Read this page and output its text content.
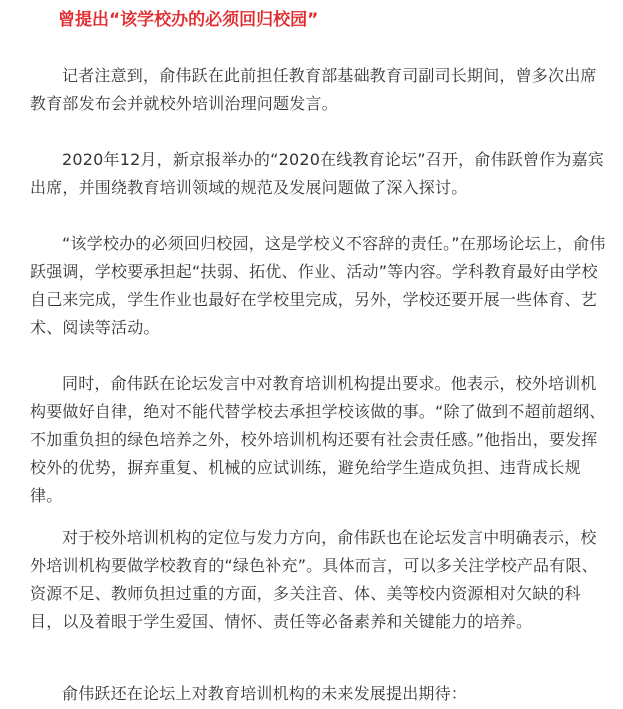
曾提出“该学校办的必须回归校园”

记者注意到，俞伟跃在此前担任教育部基础教育司副司长期间，曾多次出席教育部发布会并就校外培训治理问题发言。

2020年12月，新京报举办的“2020在线教育论坛”召开，俞伟跃曾作为嘉宾出席，并围绕教育培训领域的规范及发展问题做了深入探讨。

“该学校办的必须回归校园，这是学校义不容辞的责任。”在那场论坛上，俞伟跃强调，学校要承担起“扶弱、拓优、作业、活动”等内容。学科教育最好由学校自己来完成，学生作业也最好在学校里完成，另外，学校还要开展一些体育、艺术、阅读等活动。

同时，俞伟跃在论坛发言中对教育培训机构提出要求。他表示，校外培训机构要做好自律，绝对不能代替学校去承担学校该做的事。“除了做到不超前超纲、不加重负担的绿色培养之外，校外培训机构还要有社会责任感。”他指出，要发挥校外的优势，摒弃重复、机械的应试训练，避免给学生造成负担、违背成长规律。

对于校外培训机构的定位与发力方向，俞伟跃也在论坛发言中明确表示，校外培训机构要做学校教育的“绿色补充”。具体而言，可以多关注学校产品有限、资源不足、教师负担过重的方面，多关注音、体、美等校内资源相对欠缺的科目，以及着眼于学生爱国、情怀、责任等必备素养和关键能力的培养。

俞伟跃还在论坛上对教育培训机构的未来发展提出期待：
